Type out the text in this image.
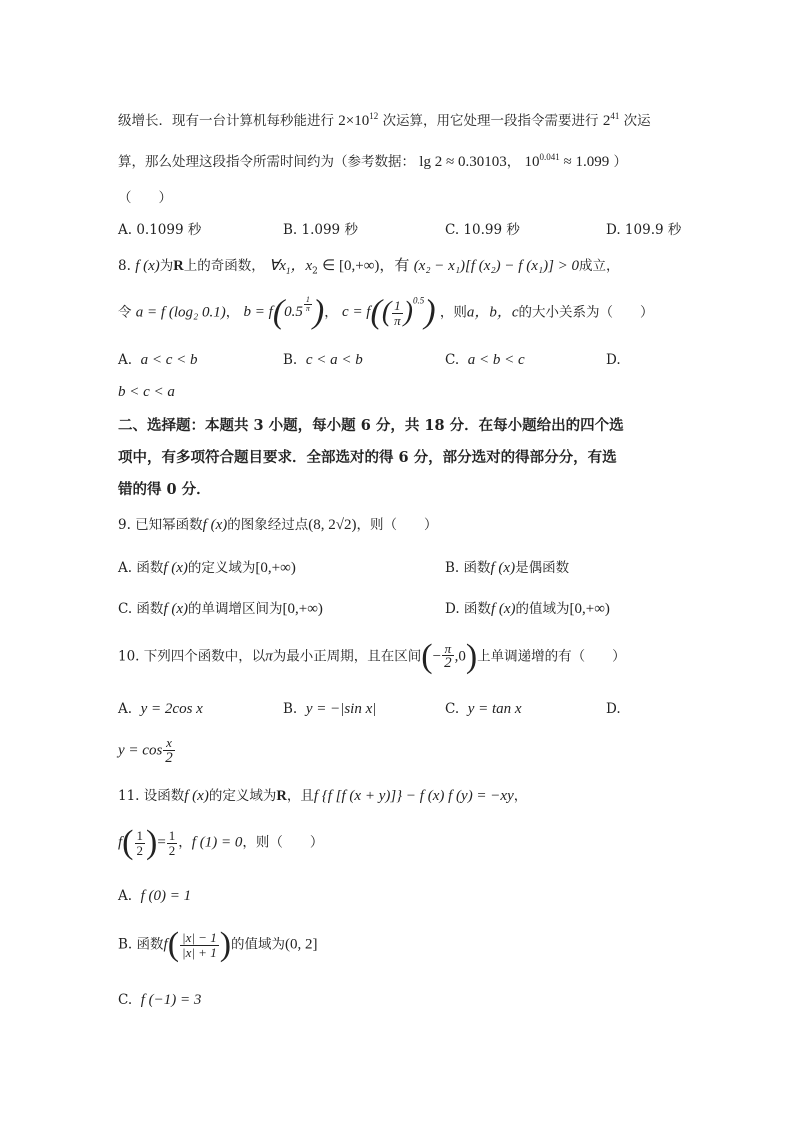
级增长．现有一台计算机每秒能进行 $2\times 10^{12}$ 次运算，用它处理一段指令需要进行 $2^{41}$ 次运
算，那么处理这段指令所需时间约为（参考数据： lg 2 ≈ 0.30103， $10^{0.041} \approx 1.099$ ）
（　　）
A. 0.1099 秒	B. 1.099 秒	C. 10.99 秒	D. 109.9 秒
8. f (x)为R上的奇函数， $\forall x_1$，$x_2$ ∈ [0,+∞)，有 (x₂ − x₁)[f (x₂) − f (x₁)] > 0成立，
令 a = f (log₂ 0.1)， $b = f(0.5 \frac{1}{\pi}$ )， $c = f(( \frac{1}{\pi} )^{0.5})$ ，则a，b，c的大小关系为（　　）
A. a < c < b	B. c < a < b	C. a < b < c	D.
b < c < a
二、选择题：本题共 3 小题，每小题 6 分，共 18 分．在每小题给出的四个选
项中，有多项符合题目要求．全部选对的得 6 分，部分选对的得部分分，有选
错的得 0 分．
9. 已知幂函数f (x)的图象经过点(8, 2√2)，则（　　）
A. 函数f (x)的定义域为[0,+∞)	B. 函数f (x)是偶函数
C. 函数f (x)的单调增区间为[0,+∞)	D. 函数f (x)的值域为[0,+∞)
10. 下列四个函数中，以π为最小正周期，且在区间(− $\frac{\pi}{2} ,0$)上单调递增的有（　　）
A. y = 2cos x	B. y = −|sin x|	C. y = tan x	D.
$y = \cos \frac{x}{2}$
11. 设函数f (x)的定义域为R，且f {f [f (x + y)]} − f (x) f (y) = −xy，
$f( \frac{1}{2}$ )= $\frac{1}{2}$ ，f (1) = 0，则（　　）
A. f (0) = 1
B. 函数$f( \frac{|x| - 1}{|x| + 1}$ )的值域为(0, 2]
C. f (−1) = 3
